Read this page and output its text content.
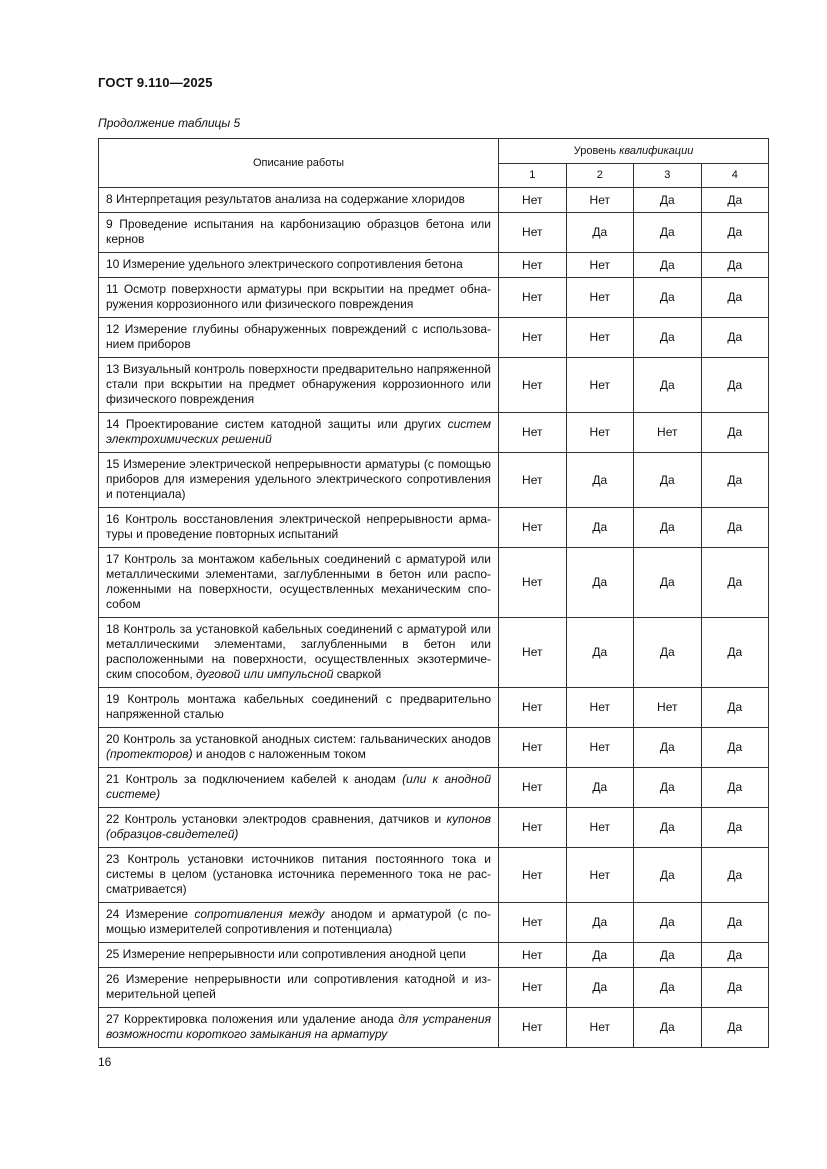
ГОСТ 9.110—2025
Продолжение таблицы 5
Описание работы	Уровень квалификации			
	1	2	3	4
8 Интерпретация результатов анализа на содержание хлоридов	Нет	Нет	Да	Да
9 Проведение испытания на карбонизацию образцов бетона или кернов	Нет	Да	Да	Да
10 Измерение удельного электрического сопротивления бетона	Нет	Нет	Да	Да
11 Осмотр поверхности арматуры при вскрытии на предмет обнаружения коррозионного или физического повреждения	Нет	Нет	Да	Да
12 Измерение глубины обнаруженных повреждений с использованием приборов	Нет	Нет	Да	Да
13 Визуальный контроль поверхности предварительно напряженной стали при вскрытии на предмет обнаружения коррозионного или физического повреждения	Нет	Нет	Да	Да
14 Проектирование систем катодной защиты или других систем электрохимических решений	Нет	Нет	Нет	Да
15 Измерение электрической непрерывности арматуры (с помощью приборов для измерения удельного электрического сопротивления и потенциала)	Нет	Да	Да	Да
16 Контроль восстановления электрической непрерывности арматуры и проведение повторных испытаний	Нет	Да	Да	Да
17 Контроль за монтажом кабельных соединений с арматурой или металлическими элементами, заглубленными в бетон или расположенными на поверхности, осуществленных механическим способом	Нет	Да	Да	Да
18 Контроль за установкой кабельных соединений с арматурой или металлическими элементами, заглубленными в бетон или расположенными на поверхности, осуществленных экзотермическим способом, дуговой или импульсной сваркой	Нет	Да	Да	Да
19 Контроль монтажа кабельных соединений с предварительно напряженной сталью	Нет	Нет	Нет	Да
20 Контроль за установкой анодных систем: гальванических анодов (протекторов) и анодов с наложенным током	Нет	Нет	Да	Да
21 Контроль за подключением кабелей к анодам (или к анодной системе)	Нет	Да	Да	Да
22 Контроль установки электродов сравнения, датчиков и купонов (образцов-свидетелей)	Нет	Нет	Да	Да
23 Контроль установки источников питания постоянного тока и системы в целом (установка источника переменного тока не рассматривается)	Нет	Нет	Да	Да
24 Измерение сопротивления между анодом и арматурой (с помощью измерителей сопротивления и потенциала)	Нет	Да	Да	Да
25 Измерение непрерывности или сопротивления анодной цепи	Нет	Да	Да	Да
26 Измерение непрерывности или сопротивления катодной и измерительной цепей	Нет	Да	Да	Да
27 Корректировка положения или удаление анода для устранения возможности короткого замыкания на арматуру	Нет	Нет	Да	Да
16
